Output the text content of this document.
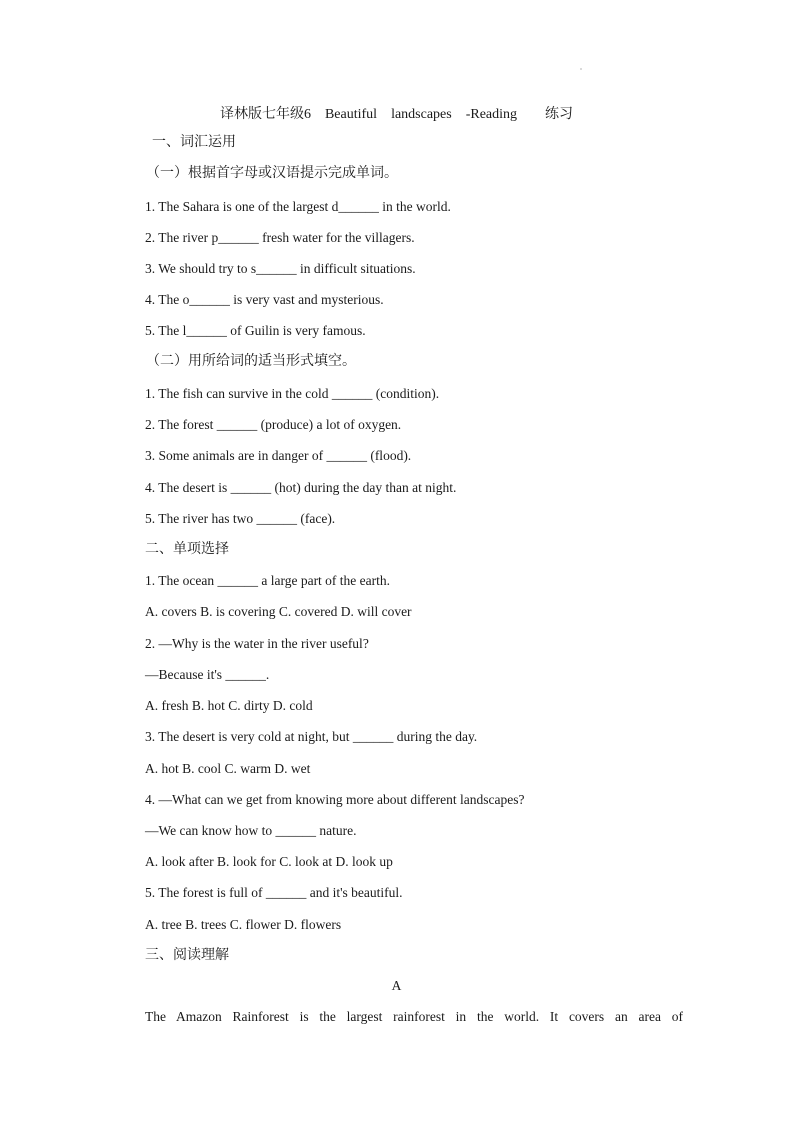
译林版七年级6　Beautiful　landscapes　-Reading　　练习
一、词汇运用
（一）根据首字母或汉语提示完成单词。
1. The Sahara is one of the largest d______ in the world.
2. The river p______ fresh water for the villagers.
3. We should try to s______ in difficult situations.
4. The o______ is very vast and mysterious.
5. The l______ of Guilin is very famous.
（二）用所给词的适当形式填空。
1. The fish can survive in the cold ______ (condition).
2. The forest ______ (produce) a lot of oxygen.
3. Some animals are in danger of ______ (flood).
4. The desert is ______ (hot) during the day than at night.
5. The river has two ______ (face).
二、单项选择
1. The ocean ______ a large part of the earth.
A. covers B. is covering C. covered D. will cover
2. —Why is the water in the river useful?
—Because it's ______.
A. fresh B. hot C. dirty D. cold
3. The desert is very cold at night, but ______ during the day.
A. hot B. cool C. warm D. wet
4. —What can we get from knowing more about different landscapes?
—We can know how to ______ nature.
A. look after B. look for C. look at D. look up
5. The forest is full of ______ and it's beautiful.
A. tree B. trees C. flower D. flowers
三、阅读理解
A
The Amazon Rainforest is the largest rainforest in the world. It covers an area of
